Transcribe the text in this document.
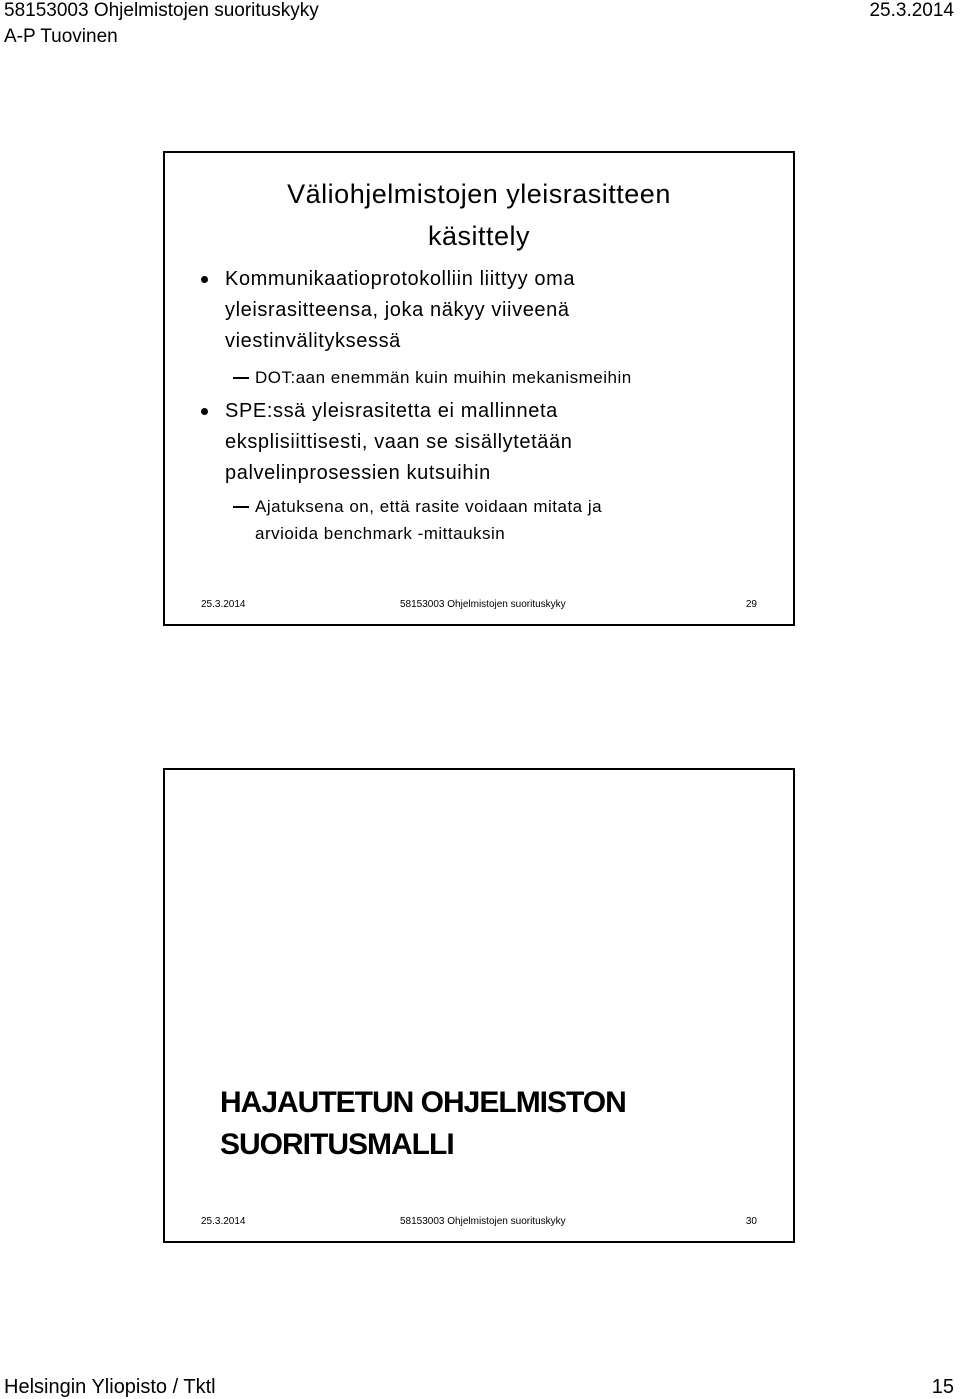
58153003 Ohjelmistojen suorituskyky	25.3.2014
A-P Tuovinen
Väliohjelmistojen yleisrasitteen
käsittely
Kommunikaatioprotokolliin liittyy oma
yleisrasitteensa, joka näkyy viiveenä
viestinvälityksessä
DOT:aan enemmän kuin muihin mekanismeihin
SPE:ssä yleisrasitetta ei mallinneta
eksplisiittisesti, vaan se sisällytetään
palvelinprosessien kutsuihin
Ajatuksena on, että rasite voidaan mitata ja
arvioida benchmark -mittauksin
25.3.2014	58153003 Ohjelmistojen suorituskyky	29
HAJAUTETUN OHJELMISTON
SUORITUSMALLI
25.3.2014	58153003 Ohjelmistojen suorituskyky	30
Helsingin Yliopisto / Tktl	15
